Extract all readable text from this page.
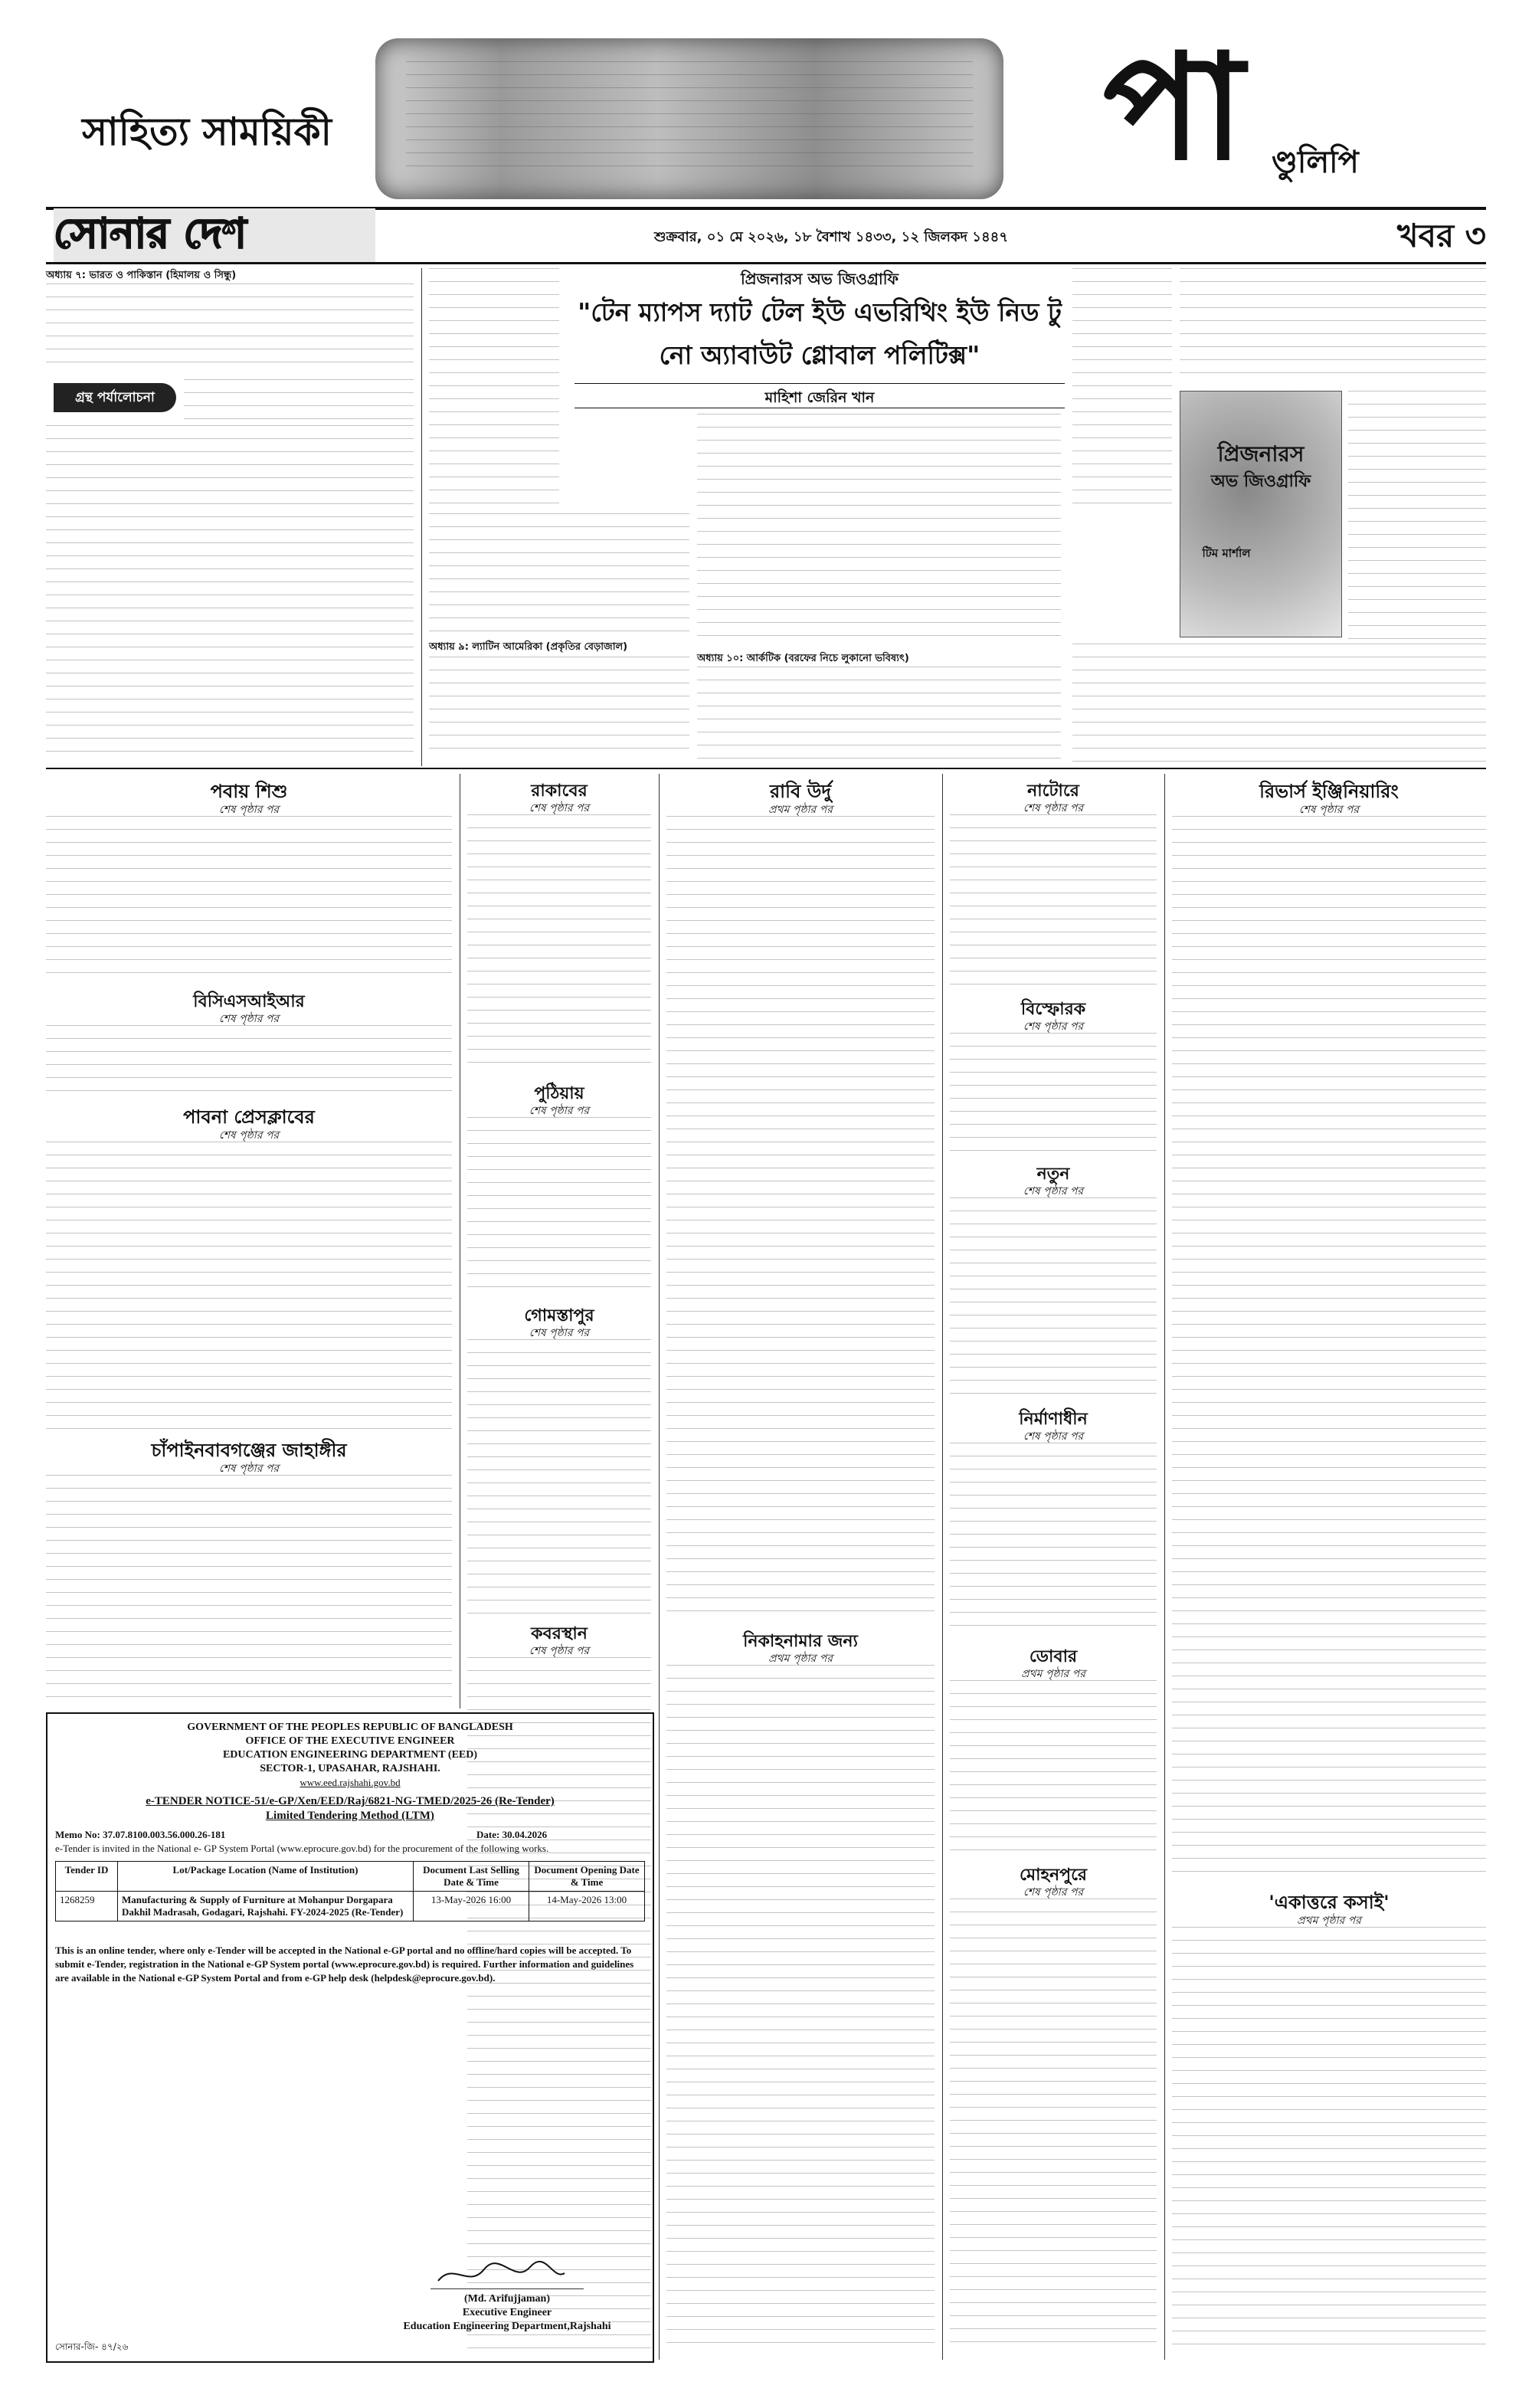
সাহিত্য সাময়িকী	পা ণ্ডুলিপি
সোনার দেশ	শুক্রবার, ০১ মে ২০২৬, ১৮ বৈশাখ ১৪৩৩, ১২ জিলকদ ১৪৪৭	খবর ৩
অধ্যায় ৭: ভারত ও পাকিস্তান (হিমালয় ও সিন্ধু)
গ্রন্থ পর্যালোচনা
প্রিজনারস অভ জিওগ্রাফি
"টেন ম্যাপস দ্যাট টেল ইউ এভরিথিং ইউ নিড টু নো অ্যাবাউট গ্লোবাল পলিটিক্স"
মাহিশা জেরিন খান
অধ্যায় ৯: ল্যাটিন আমেরিকা (প্রকৃতির বেড়াজাল)
অধ্যায় ১০: আর্কটিক (বরফের নিচে লুকানো ভবিষ্যৎ)
প্রিজনারস
অভ জিওগ্রাফি
টিম মার্শাল
পবায় শিশু
শেষ পৃষ্ঠার পর
বিসিএসআইআর
শেষ পৃষ্ঠার পর
পাবনা প্রেসক্লাবের
শেষ পৃষ্ঠার পর
চাঁপাইনবাবগঞ্জের জাহাঙ্গীর
শেষ পৃষ্ঠার পর
রাকাবের
শেষ পৃষ্ঠার পর
পুঠিয়ায়
শেষ পৃষ্ঠার পর
গোমস্তাপুর
শেষ পৃষ্ঠার পর
কবরস্থান
শেষ পৃষ্ঠার পর
রাবি উর্দু
প্রথম পৃষ্ঠার পর
নিকাহনামার জন্য
প্রথম পৃষ্ঠার পর
নাটোরে
শেষ পৃষ্ঠার পর
বিস্ফোরক
শেষ পৃষ্ঠার পর
নতুন
শেষ পৃষ্ঠার পর
নির্মাণাধীন
শেষ পৃষ্ঠার পর
ডোবার
প্রথম পৃষ্ঠার পর
মোহনপুরে
শেষ পৃষ্ঠার পর
রিভার্স ইঞ্জিনিয়ারিং
শেষ পৃষ্ঠার পর
'একাত্তরে কসাই'
প্রথম পৃষ্ঠার পর
GOVERNMENT OF THE PEOPLES REPUBLIC OF BANGLADESH
OFFICE OF THE EXECUTIVE ENGINEER
EDUCATION ENGINEERING DEPARTMENT (EED)
SECTOR-1, UPASAHAR, RAJSHAHI.
www.eed.rajshahi.gov.bd
e-TENDER NOTICE-51/e-GP/Xen/EED/Raj/6821-NG-TMED/2025-26 (Re-Tender)
Limited Tendering Method (LTM)
Memo No: 37.07.8100.003.56.000.26-181	Date: 30.04.2026
e-Tender is invited in the National e- GP System Portal (www.eprocure.gov.bd) for the procurement of the following works.
Tender ID	Lot/Package Location (Name of Institution)	Document Last Selling Date & Time	Document Opening Date & Time
1268259	Manufacturing & Supply of Furniture at Mohanpur Dorgapara Dakhil Madrasah, Godagari, Rajshahi. FY-2024-2025 (Re-Tender)	13-May-2026 16:00	14-May-2026 13:00
This is an online tender, where only e-Tender will be accepted in the National e-GP portal and no offline/hard copies will be accepted. To submit e-Tender, registration in the National e-GP System portal (www.eprocure.gov.bd) is required. Further information and guidelines are available in the National e-GP System Portal and from e-GP help desk (helpdesk@eprocure.gov.bd).
(Md. Arifujjaman)
Executive Engineer
Education Engineering Department,Rajshahi
সোনার-জি- ৪৭/২৬
